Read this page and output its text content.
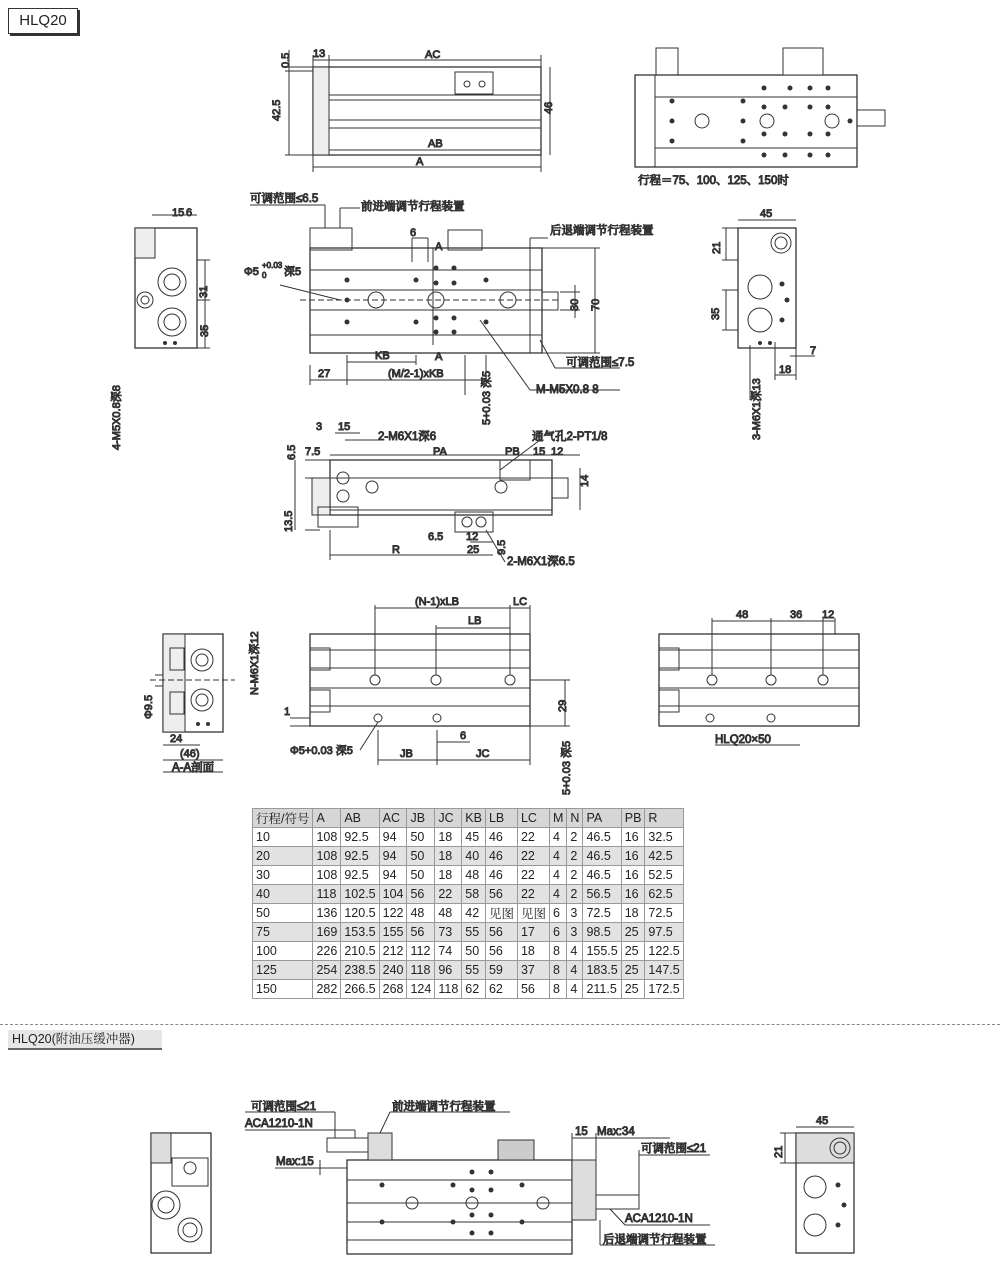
HLQ20
0.5 13	AC
42.5	46
AB
A
行程＝75、100、125、150时
可调范围≤6.5
前进端调节行程装置
后退端调节行程装置
可调范围≤7.5
M-M5X0.8 8
15 6
6
A
A
30 70
KB
27	(M/2-1)xKB
31
35
Φ5
+0.03
0 深5
5+0.03 深5
4-M5X0.8深8
45
21
35
7
18
3-M6X1深13
2-M6X1深6	通气孔2-PT1/8
2-M6X1深6.5
3 15
6.5 7.5	PA	PB 15 12
14
13.5
6.5 12
9.5
R	25
N-M6X1深12
Φ9.5
24
(46)
A-A剖面
(N-1)xLB	LC
LB
29
1
6
JB	JC
Φ5+0.03 深5	5+0.03 深5
48	36 12
HLQ20×50
可调范围≤21
ACA1210-1N
前进端调节行程装置
Max:15
15 Max:34
可调范围≤21
ACA1210-1N
后退端调节行程装置
45
21
行程/符号	A	AB	AC	JB	JC	KB	LB	LC	M	N	PA	PB	R
10	108	92.5	94	50	18	45	46	22	4	2	46.5	16	32.5
20	108	92.5	94	50	18	40	46	22	4	2	46.5	16	42.5
30	108	92.5	94	50	18	48	46	22	4	2	46.5	16	52.5
40	118	102.5	104	56	22	58	56	22	4	2	56.5	16	62.5
50	136	120.5	122	48	48	42	见图	见图	6	3	72.5	18	72.5
75	169	153.5	155	56	73	55	56	17	6	3	98.5	25	97.5
100	226	210.5	212	112	74	50	56	18	8	4	155.5	25	122.5
125	254	238.5	240	118	96	55	59	37	8	4	183.5	25	147.5
150	282	266.5	268	124	118	62	62	56	8	4	211.5	25	172.5
HLQ20(附油压缓冲器)
